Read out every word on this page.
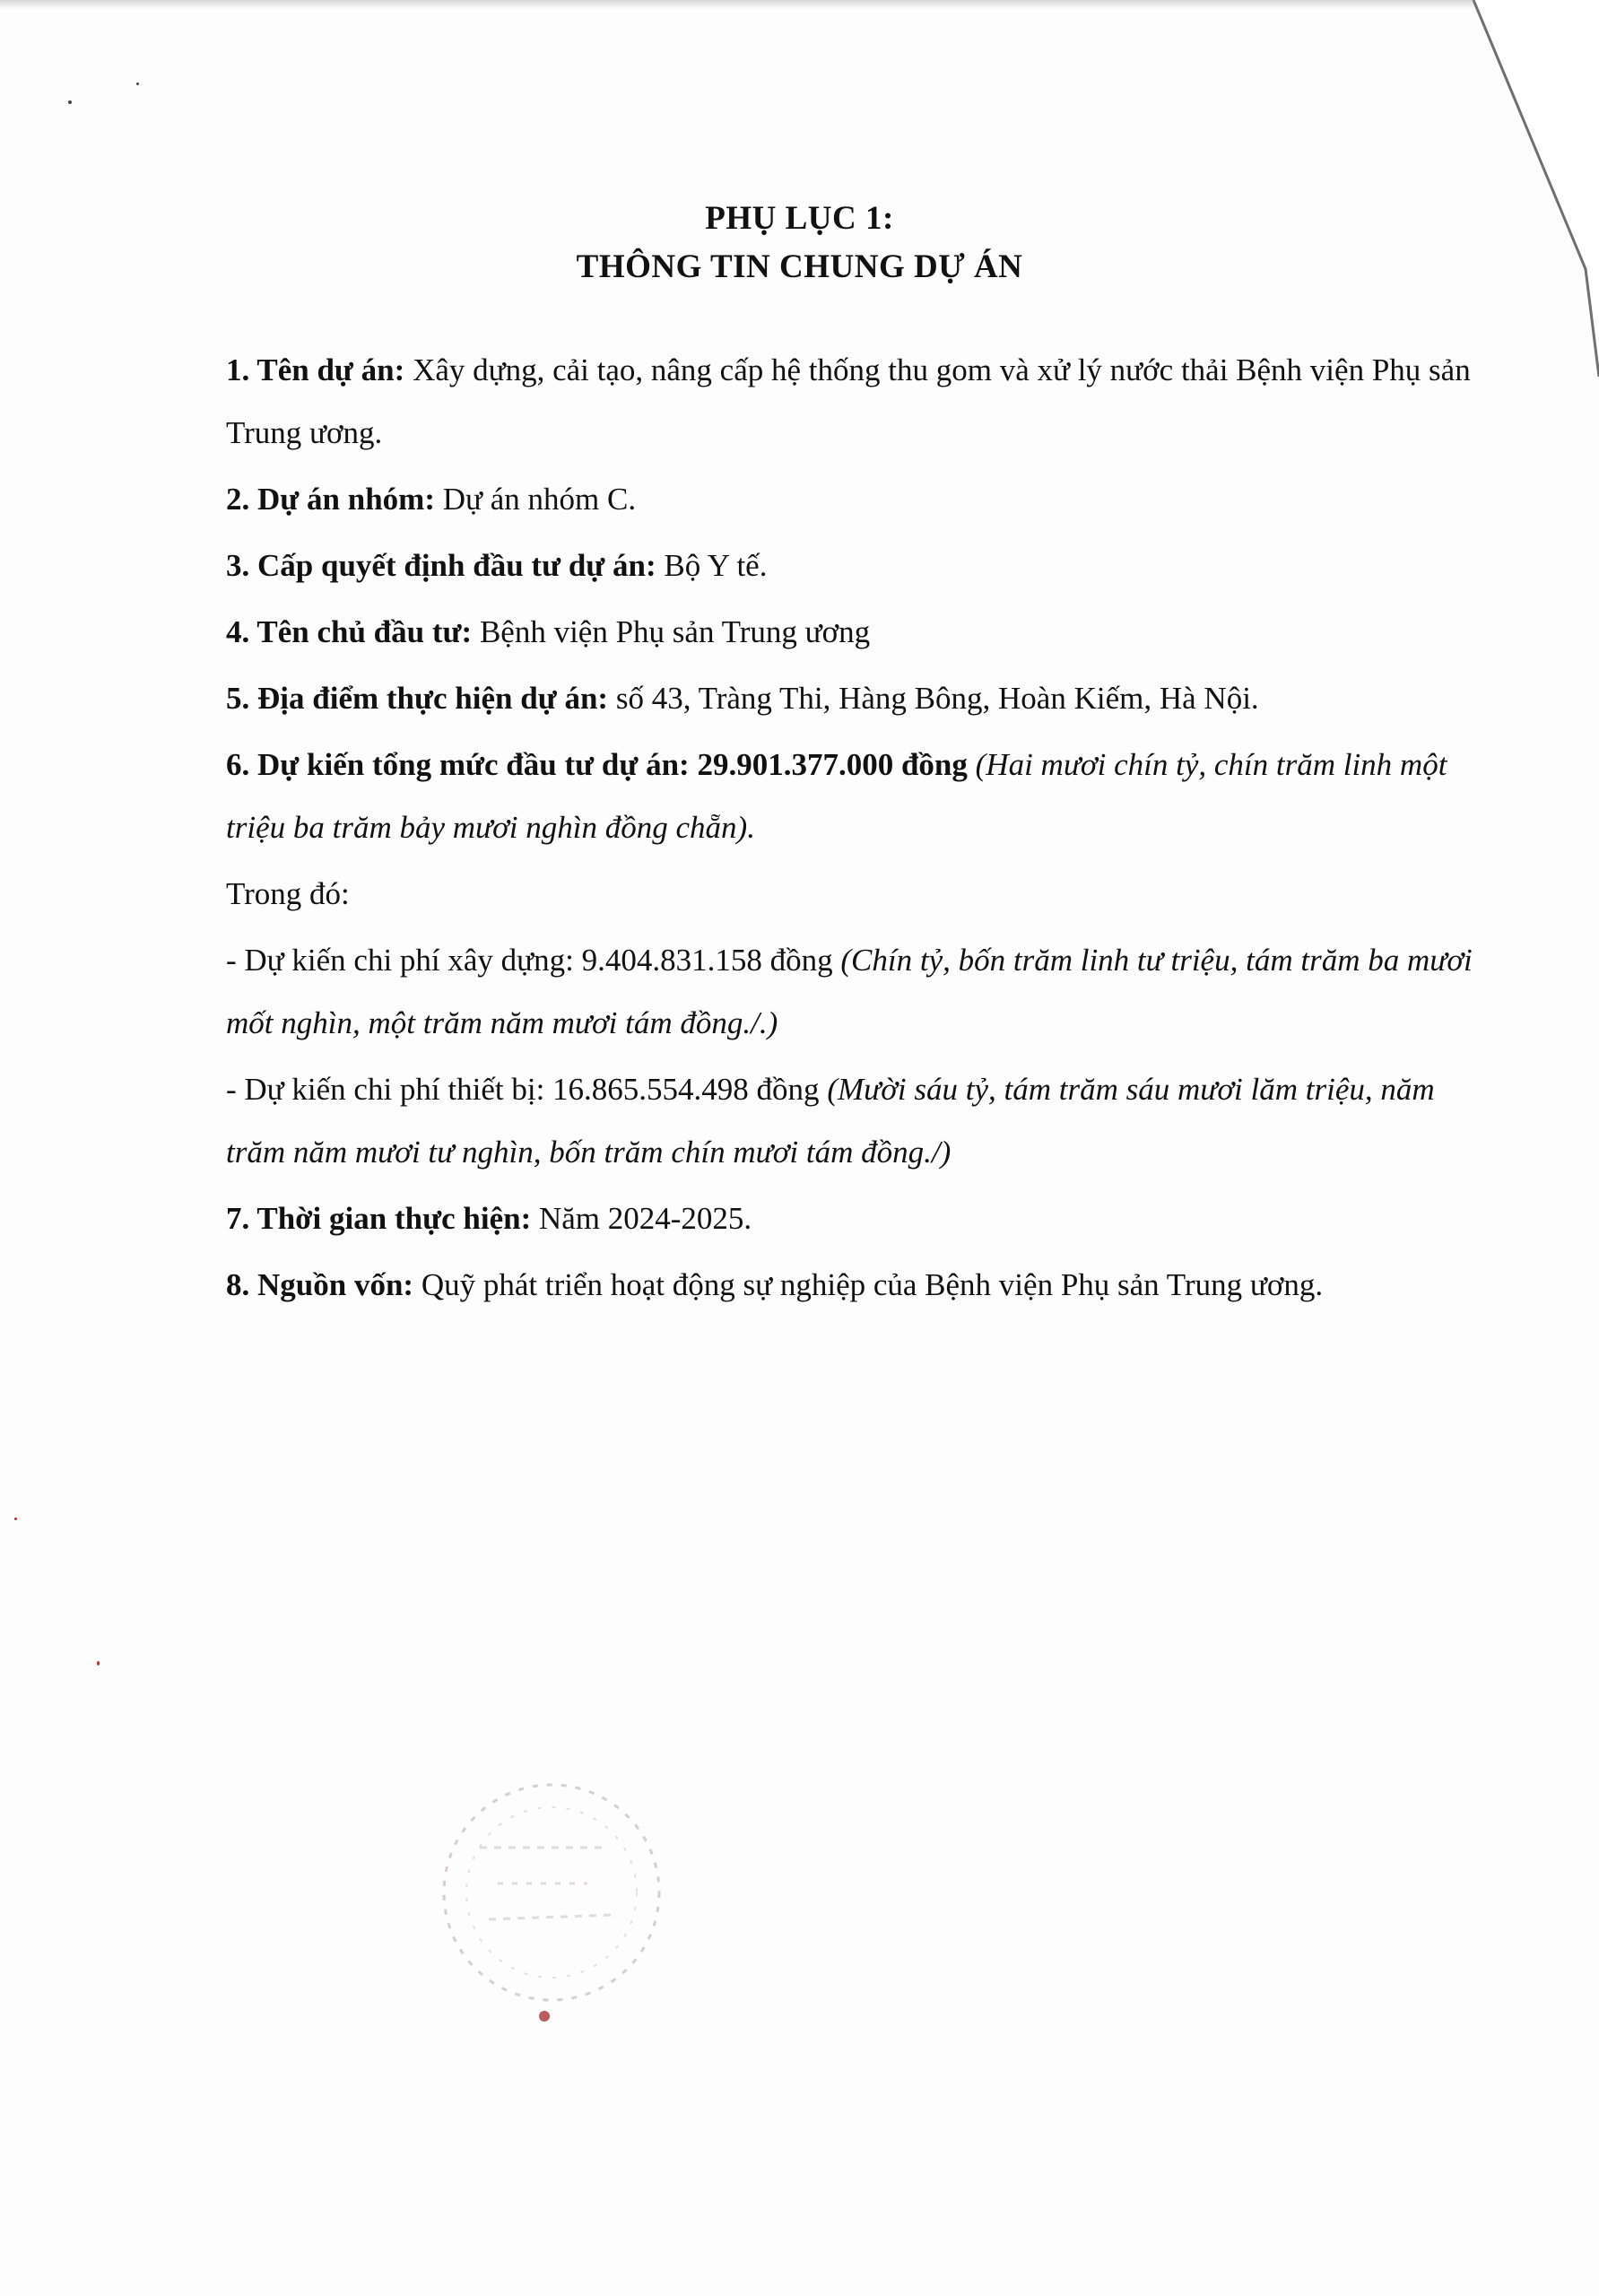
PHỤ LỤC 1:
THÔNG TIN CHUNG DỰ ÁN

1. Tên dự án: Xây dựng, cải tạo, nâng cấp hệ thống thu gom và xử lý nước thải Bệnh viện Phụ sản Trung ương.

2. Dự án nhóm: Dự án nhóm C.

3. Cấp quyết định đầu tư dự án: Bộ Y tế.

4. Tên chủ đầu tư: Bệnh viện Phụ sản Trung ương

5. Địa điểm thực hiện dự án: số 43, Tràng Thi, Hàng Bông, Hoàn Kiếm, Hà Nội.

6. Dự kiến tổng mức đầu tư dự án: 29.901.377.000 đồng (Hai mươi chín tỷ, chín trăm linh một triệu ba trăm bảy mươi nghìn đồng chẵn).

Trong đó:

- Dự kiến chi phí xây dựng: 9.404.831.158 đồng (Chín tỷ, bốn trăm linh tư triệu, tám trăm ba mươi mốt nghìn, một trăm năm mươi tám đồng./.)

- Dự kiến chi phí thiết bị: 16.865.554.498 đồng (Mười sáu tỷ, tám trăm sáu mươi lăm triệu, năm trăm năm mươi tư nghìn, bốn trăm chín mươi tám đồng./)

7. Thời gian thực hiện: Năm 2024-2025.

8. Nguồn vốn: Quỹ phát triển hoạt động sự nghiệp của Bệnh viện Phụ sản Trung ương.
